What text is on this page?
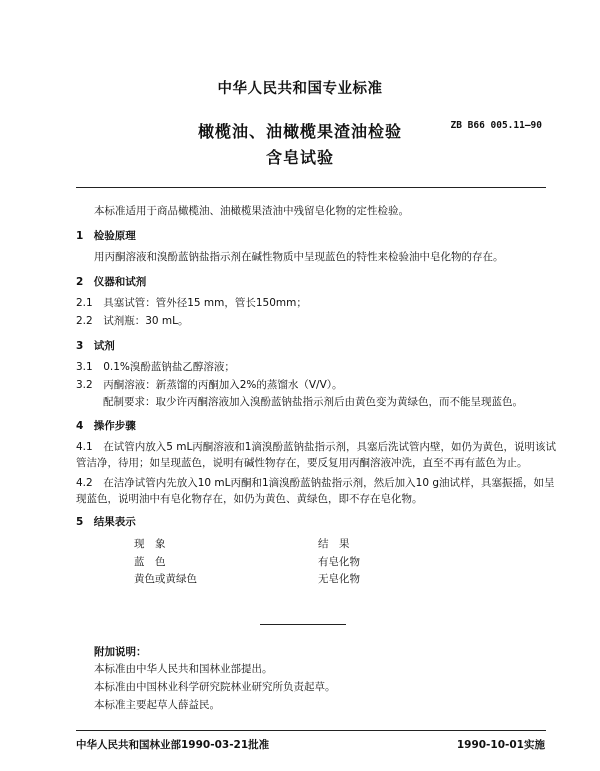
中华人民共和国专业标准
橄榄油、油橄榄果渣油检验
含皂试验
ZB B66 005.11—90
本标准适用于商品橄榄油、油橄榄果渣油中残留皂化物的定性检验。
1　检验原理
用丙酮溶液和溴酚蓝钠盐指示剂在碱性物质中呈现蓝色的特性来检验油中皂化物的存在。
2　仪器和试剂
2.1　具塞试管：管外径15 mm，管长150mm；
2.2　试剂瓶：30 mL。
3　试剂
3.1　0.1%溴酚蓝钠盐乙醇溶液；
3.2　丙酮溶液：新蒸馏的丙酮加入2%的蒸馏水（V/V）。
配制要求：取少许丙酮溶液加入溴酚蓝钠盐指示剂后由黄色变为黄绿色，而不能呈现蓝色。
4　操作步骤
4.1　在试管内放入5 mL丙酮溶液和1滴溴酚蓝钠盐指示剂，具塞后洗试管内壁，如仍为黄色，说明该试
管洁净，待用；如呈现蓝色，说明有碱性物存在，要反复用丙酮溶液冲洗，直至不再有蓝色为止。
4.2　在洁净试管内先放入10 mL丙酮和1滴溴酚蓝钠盐指示剂，然后加入10 g油试样，具塞振摇，如呈
现蓝色，说明油中有皂化物存在，如仍为黄色、黄绿色，即不存在皂化物。
5　结果表示
现　象	结　果
蓝　色	有皂化物
黄色或黄绿色	无皂化物
附加说明：
本标准由中华人民共和国林业部提出。
本标准由中国林业科学研究院林业研究所负责起草。
本标准主要起草人薛益民。
中华人民共和国林业部1990-03-21批准	1990-10-01实施
